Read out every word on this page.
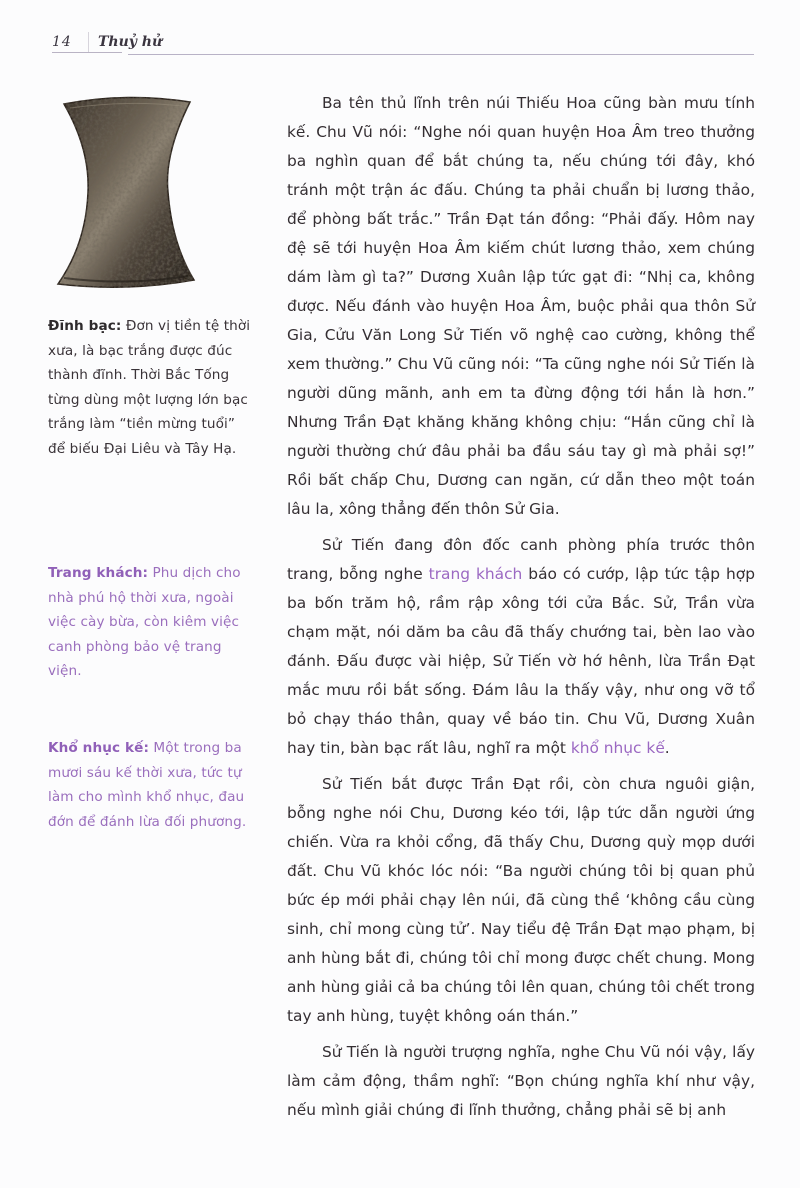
14 Thuỷ hử
Đĩnh bạc: Đơn vị tiền tệ thời xưa, là bạc trắng được đúc thành đĩnh. Thời Bắc Tống từng dùng một lượng lớn bạc trắng làm “tiền mừng tuổi” để biếu Đại Liêu và Tây Hạ.
Trang khách: Phu dịch cho nhà phú hộ thời xưa, ngoài việc cày bừa, còn kiêm việc canh phòng bảo vệ trang viện.
Khổ nhục kế: Một trong ba mươi sáu kế thời xưa, tức tự làm cho mình khổ nhục, đau đớn để đánh lừa đối phương.

Ba tên thủ lĩnh trên núi Thiếu Hoa cũng bàn mưu tính kế. Chu Vũ nói: “Nghe nói quan huyện Hoa Âm treo thưởng ba nghìn quan để bắt chúng ta, nếu chúng tới đây, khó tránh một trận ác đấu. Chúng ta phải chuẩn bị lương thảo, để phòng bất trắc.” Trần Đạt tán đồng: “Phải đấy. Hôm nay đệ sẽ tới huyện Hoa Âm kiếm chút lương thảo, xem chúng dám làm gì ta?” Dương Xuân lập tức gạt đi: “Nhị ca, không được. Nếu đánh vào huyện Hoa Âm, buộc phải qua thôn Sử Gia, Cửu Văn Long Sử Tiến võ nghệ cao cường, không thể xem thường.” Chu Vũ cũng nói: “Ta cũng nghe nói Sử Tiến là người dũng mãnh, anh em ta đừng động tới hắn là hơn.” Nhưng Trần Đạt khăng khăng không chịu: “Hắn cũng chỉ là người thường chứ đâu phải ba đầu sáu tay gì mà phải sợ!” Rồi bất chấp Chu, Dương can ngăn, cứ dẫn theo một toán lâu la, xông thẳng đến thôn Sử Gia.

Sử Tiến đang đôn đốc canh phòng phía trước thôn trang, bỗng nghe trang khách báo có cướp, lập tức tập hợp ba bốn trăm hộ, rầm rập xông tới cửa Bắc. Sử, Trần vừa chạm mặt, nói dăm ba câu đã thấy chướng tai, bèn lao vào đánh. Đấu được vài hiệp, Sử Tiến vờ hớ hênh, lừa Trần Đạt mắc mưu rồi bắt sống. Đám lâu la thấy vậy, như ong vỡ tổ bỏ chạy tháo thân, quay về báo tin. Chu Vũ, Dương Xuân hay tin, bàn bạc rất lâu, nghĩ ra một khổ nhục kế.

Sử Tiến bắt được Trần Đạt rồi, còn chưa nguôi giận, bỗng nghe nói Chu, Dương kéo tới, lập tức dẫn người ứng chiến. Vừa ra khỏi cổng, đã thấy Chu, Dương quỳ mọp dưới đất. Chu Vũ khóc lóc nói: “Ba người chúng tôi bị quan phủ bức ép mới phải chạy lên núi, đã cùng thề ‘không cầu cùng sinh, chỉ mong cùng tử’. Nay tiểu đệ Trần Đạt mạo phạm, bị anh hùng bắt đi, chúng tôi chỉ mong được chết chung. Mong anh hùng giải cả ba chúng tôi lên quan, chúng tôi chết trong tay anh hùng, tuyệt không oán thán.”

Sử Tiến là người trượng nghĩa, nghe Chu Vũ nói vậy, lấy làm cảm động, thầm nghĩ: “Bọn chúng nghĩa khí như vậy, nếu mình giải chúng đi lĩnh thưởng, chẳng phải sẽ bị anh
